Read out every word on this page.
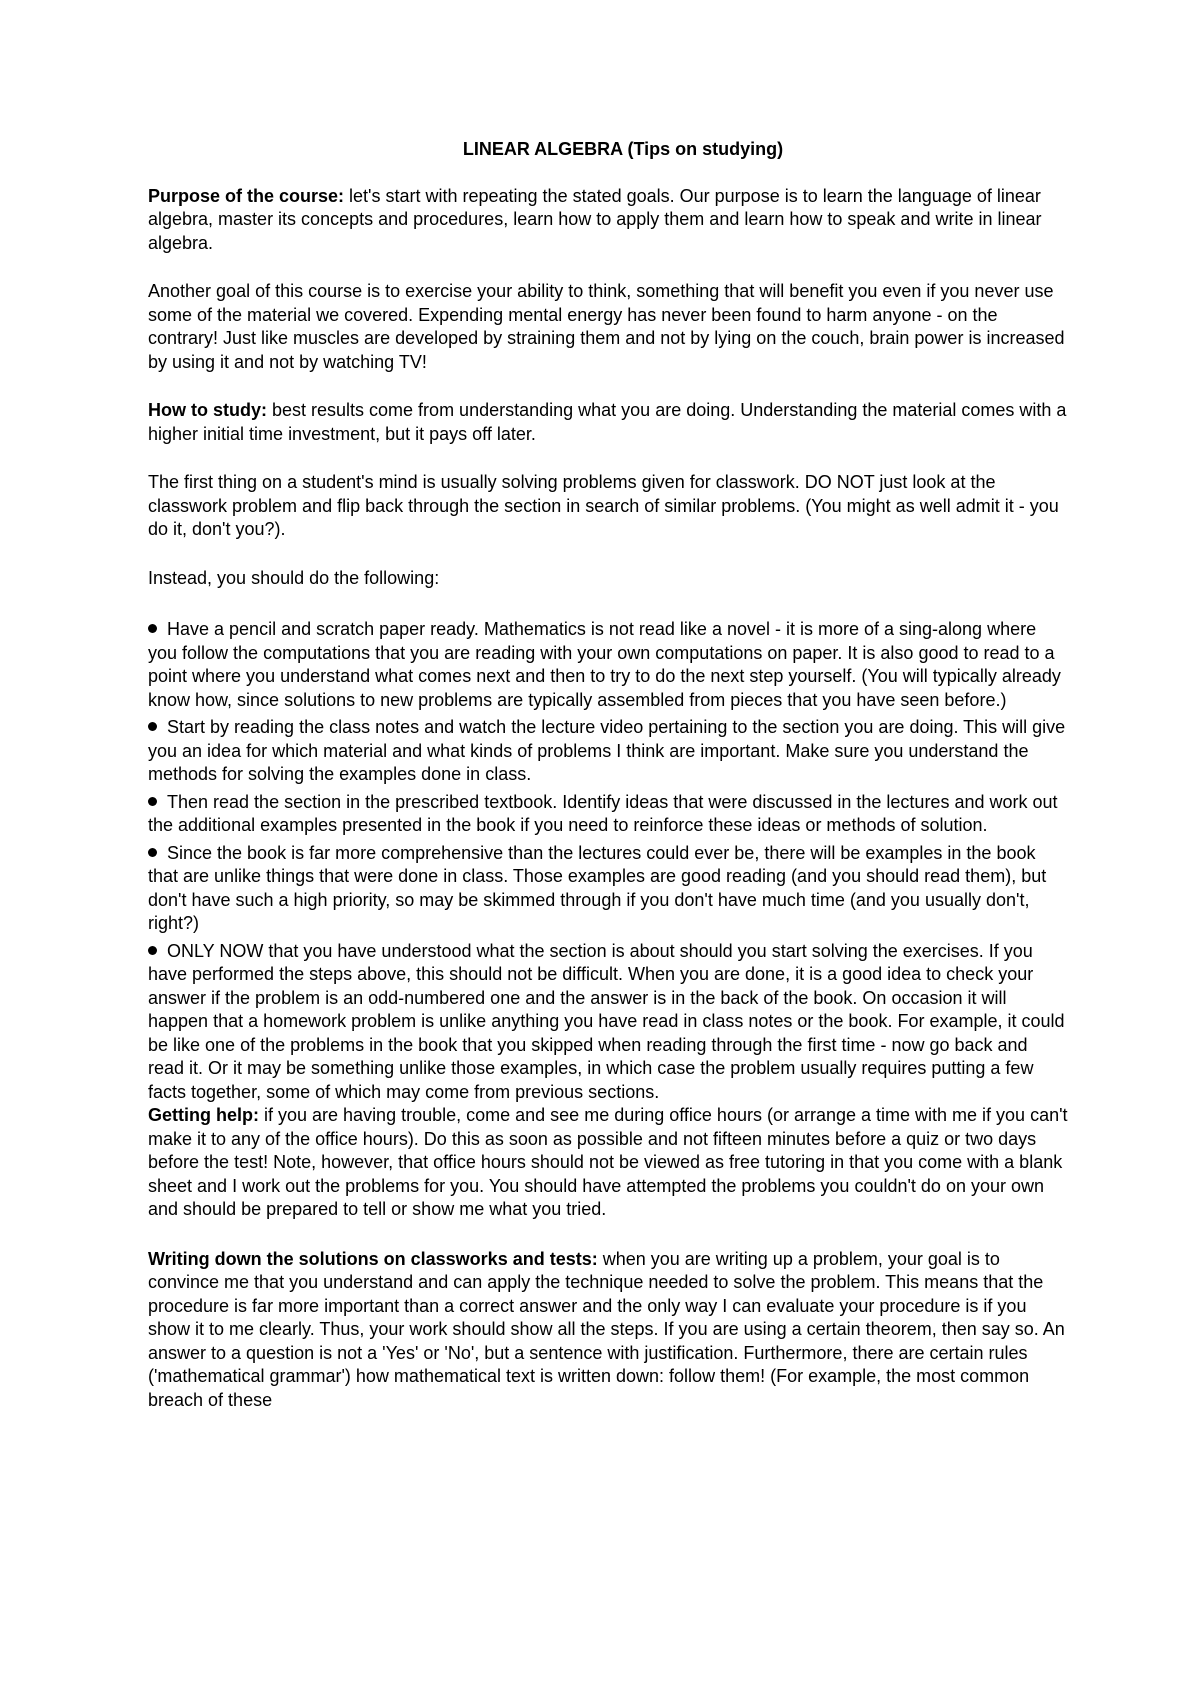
LINEAR ALGEBRA (Tips on studying)

Purpose of the course: let's start with repeating the stated goals. Our purpose is to learn the language of linear algebra, master its concepts and procedures, learn how to apply them and learn how to speak and write in linear algebra.

Another goal of this course is to exercise your ability to think, something that will benefit you even if you never use some of the material we covered. Expending mental energy has never been found to harm anyone - on the contrary! Just like muscles are developed by straining them and not by lying on the couch, brain power is increased by using it and not by watching TV!

How to study: best results come from understanding what you are doing. Understanding the material comes with a higher initial time investment, but it pays off later.

The first thing on a student's mind is usually solving problems given for classwork. DO NOT just look at the classwork problem and flip back through the section in search of similar problems. (You might as well admit it - you do it, don't you?).

Instead, you should do the following:

Have a pencil and scratch paper ready. Mathematics is not read like a novel - it is more of a sing-along where you follow the computations that you are reading with your own computations on paper. It is also good to read to a point where you understand what comes next and then to try to do the next step yourself. (You will typically already know how, since solutions to new problems are typically assembled from pieces that you have seen before.)
Start by reading the class notes and watch the lecture video pertaining to the section you are doing. This will give you an idea for which material and what kinds of problems I think are important. Make sure you understand the methods for solving the examples done in class.
Then read the section in the prescribed textbook. Identify ideas that were discussed in the lectures and work out the additional examples presented in the book if you need to reinforce these ideas or methods of solution.
Since the book is far more comprehensive than the lectures could ever be, there will be examples in the book that are unlike things that were done in class. Those examples are good reading (and you should read them), but don't have such a high priority, so may be skimmed through if you don't have much time (and you usually don't, right?)
ONLY NOW that you have understood what the section is about should you start solving the exercises. If you have performed the steps above, this should not be difficult. When you are done, it is a good idea to check your answer if the problem is an odd-numbered one and the answer is in the back of the book. On occasion it will happen that a homework problem is unlike anything you have read in class notes or the book. For example, it could be like one of the problems in the book that you skipped when reading through the first time - now go back and read it. Or it may be something unlike those examples, in which case the problem usually requires putting a few facts together, some of which may come from previous sections.

Getting help: if you are having trouble, come and see me during office hours (or arrange a time with me if you can't make it to any of the office hours). Do this as soon as possible and not fifteen minutes before a quiz or two days before the test! Note, however, that office hours should not be viewed as free tutoring in that you come with a blank sheet and I work out the problems for you. You should have attempted the problems you couldn't do on your own and should be prepared to tell or show me what you tried.

Writing down the solutions on classworks and tests: when you are writing up a problem, your goal is to convince me that you understand and can apply the technique needed to solve the problem. This means that the procedure is far more important than a correct answer and the only way I can evaluate your procedure is if you show it to me clearly. Thus, your work should show all the steps. If you are using a certain theorem, then say so. An answer to a question is not a 'Yes' or 'No', but a sentence with justification. Furthermore, there are certain rules ('mathematical grammar') how mathematical text is written down: follow them! (For example, the most common breach of these
